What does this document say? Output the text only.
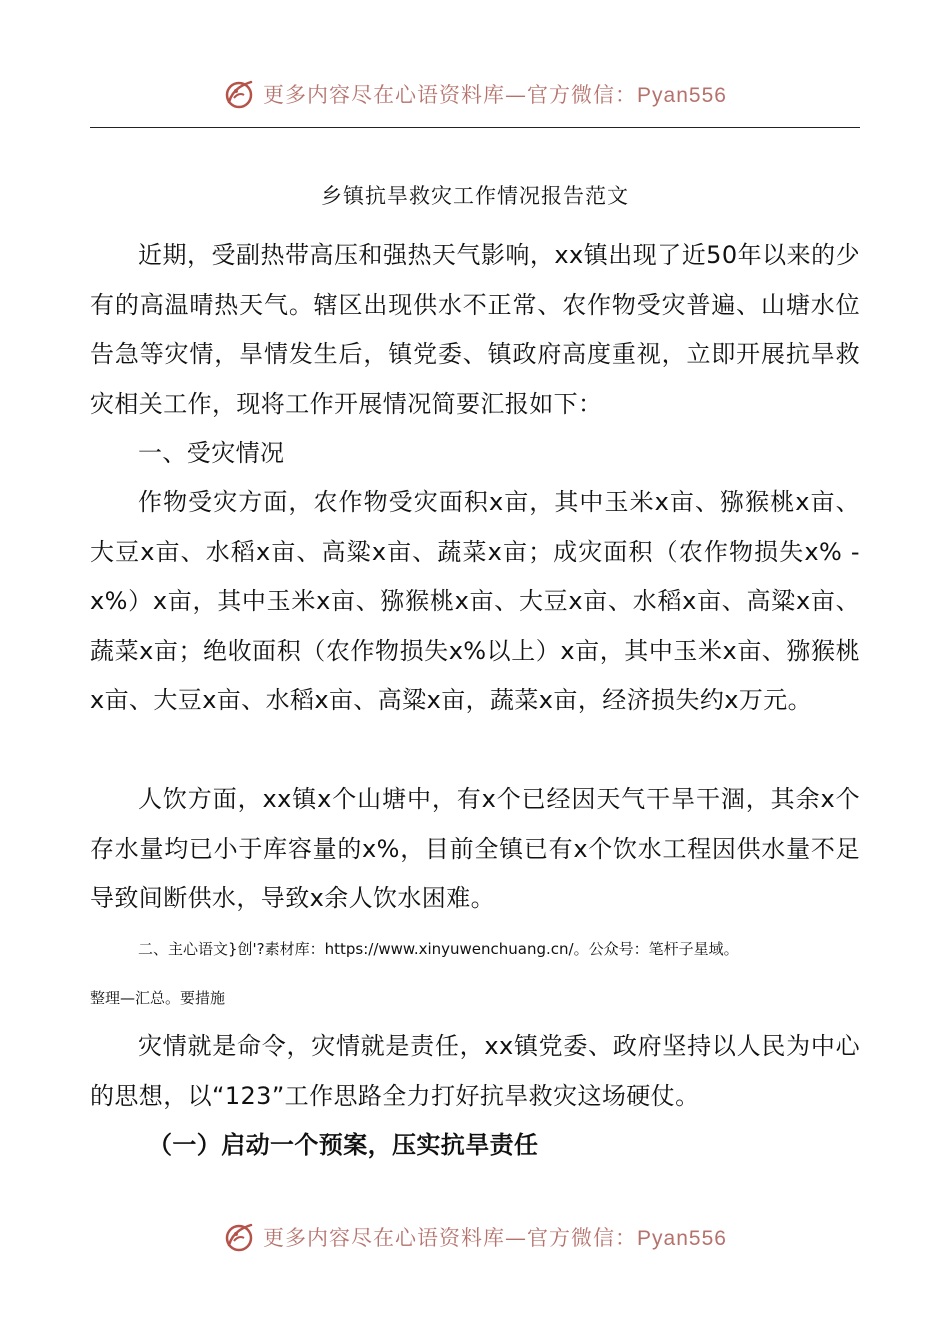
更多内容尽在心语资料库—官方微信：Pyan556
乡镇抗旱救灾工作情况报告范文

近期，受副热带高压和强热天气影响，xx镇出现了近50年以来的少有的高温晴热天气。辖区出现供水不正常、农作物受灾普遍、山塘水位告急等灾情，旱情发生后，镇党委、镇政府高度重视，立即开展抗旱救灾相关工作，现将工作开展情况简要汇报如下：

一、受灾情况

作物受灾方面，农作物受灾面积x亩，其中玉米x亩、猕猴桃x亩、大豆x亩、水稻x亩、高粱x亩、蔬菜x亩；成灾面积（农作物损失x% -x%）x亩，其中玉米x亩、猕猴桃x亩、大豆x亩、水稻x亩、高粱x亩、蔬菜x亩；绝收面积（农作物损失x%以上）x亩，其中玉米x亩、猕猴桃x亩、大豆x亩、水稻x亩、高粱x亩，蔬菜x亩，经济损失约x万元。

人饮方面，xx镇x个山塘中，有x个已经因天气干旱干涸，其余x个存水量均已小于库容量的x%，目前全镇已有x个饮水工程因供水量不足导致间断供水，导致x余人饮水困难。

二、主心语文}创'?素材库：https://www.xinyuwenchuang.cn/。公众号：笔杆子星域。
整理—汇总。要措施

灾情就是命令，灾情就是责任，xx镇党委、政府坚持以人民为中心的思想，以“123”工作思路全力打好抗旱救灾这场硬仗。

（一）启动一个预案，压实抗旱责任

更多内容尽在心语资料库—官方微信：Pyan556
